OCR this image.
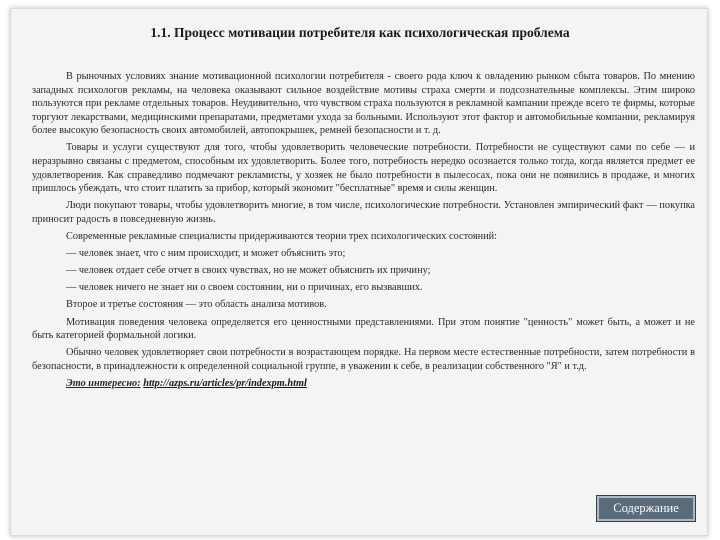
1.1. Процесс мотивации потребителя как психологическая проблема

В рыночных условиях знание мотивационной психологии потребителя - своего рода ключ к овладению рынком сбыта товаров. По мнению западных психологов рекламы, на человека оказывают сильное воздействие мотивы страха смерти и подсознательные комплексы. Этим широко пользуются при рекламе отдельных товаров. Неудивительно, что чувством страха пользуются в рекламной кампании прежде всего те фирмы, которые торгуют лекарствами, медицинскими препаратами, предметами ухода за больными. Используют этот фактор и автомобильные компании, рекламируя более высокую безопасность своих автомобилей, автопокрышек, ремней безопасности и т. д.

Товары и услуги существуют для того, чтобы удовлетворить человеческие потребности. Потребности не существуют сами по себе — и неразрывно связаны с предметом, способным их удовлетворить. Более того, потребность нередко осознается только тогда, когда является предмет ее удовлетворения. Как справедливо подмечают рекламисты, у хозяек не было потребности в пылесосах, пока они не появились в продаже, и многих пришлось убеждать, что стоит платить за прибор, который экономит "бесплатные" время и силы женщин.

Люди покупают товары, чтобы удовлетворить многие, в том числе, психологические потребности. Установлен эмпирический факт — покупка приносит радость в повседневную жизнь.

Современные рекламные специалисты придерживаются теории трех психологических состояний:

— человек знает, что с ним происходит, и может объяснить это;

— человек отдает себе отчет в своих чувствах, но не может объяснить их причину;

— человек ничего не знает ни о своем состоянии, ни о причинах, его вызвавших.

Второе и третье состояния — это область анализа мотивов.

Мотивация поведения человека определяется его ценностными представлениями. При этом понятие "ценность" может быть, а может и не быть категорией формальной логики.

Обычно человек удовлетворяет свои потребности в возрастающем порядке. На первом месте естественные потребности, затем потребности в безопасности, в принадлежности к определенной социальной группе, в уважении к себе, в реализации собственного "Я" и т.д.

Это интересно: http://azps.ru/articles/pr/indexpm.html

Содержание
